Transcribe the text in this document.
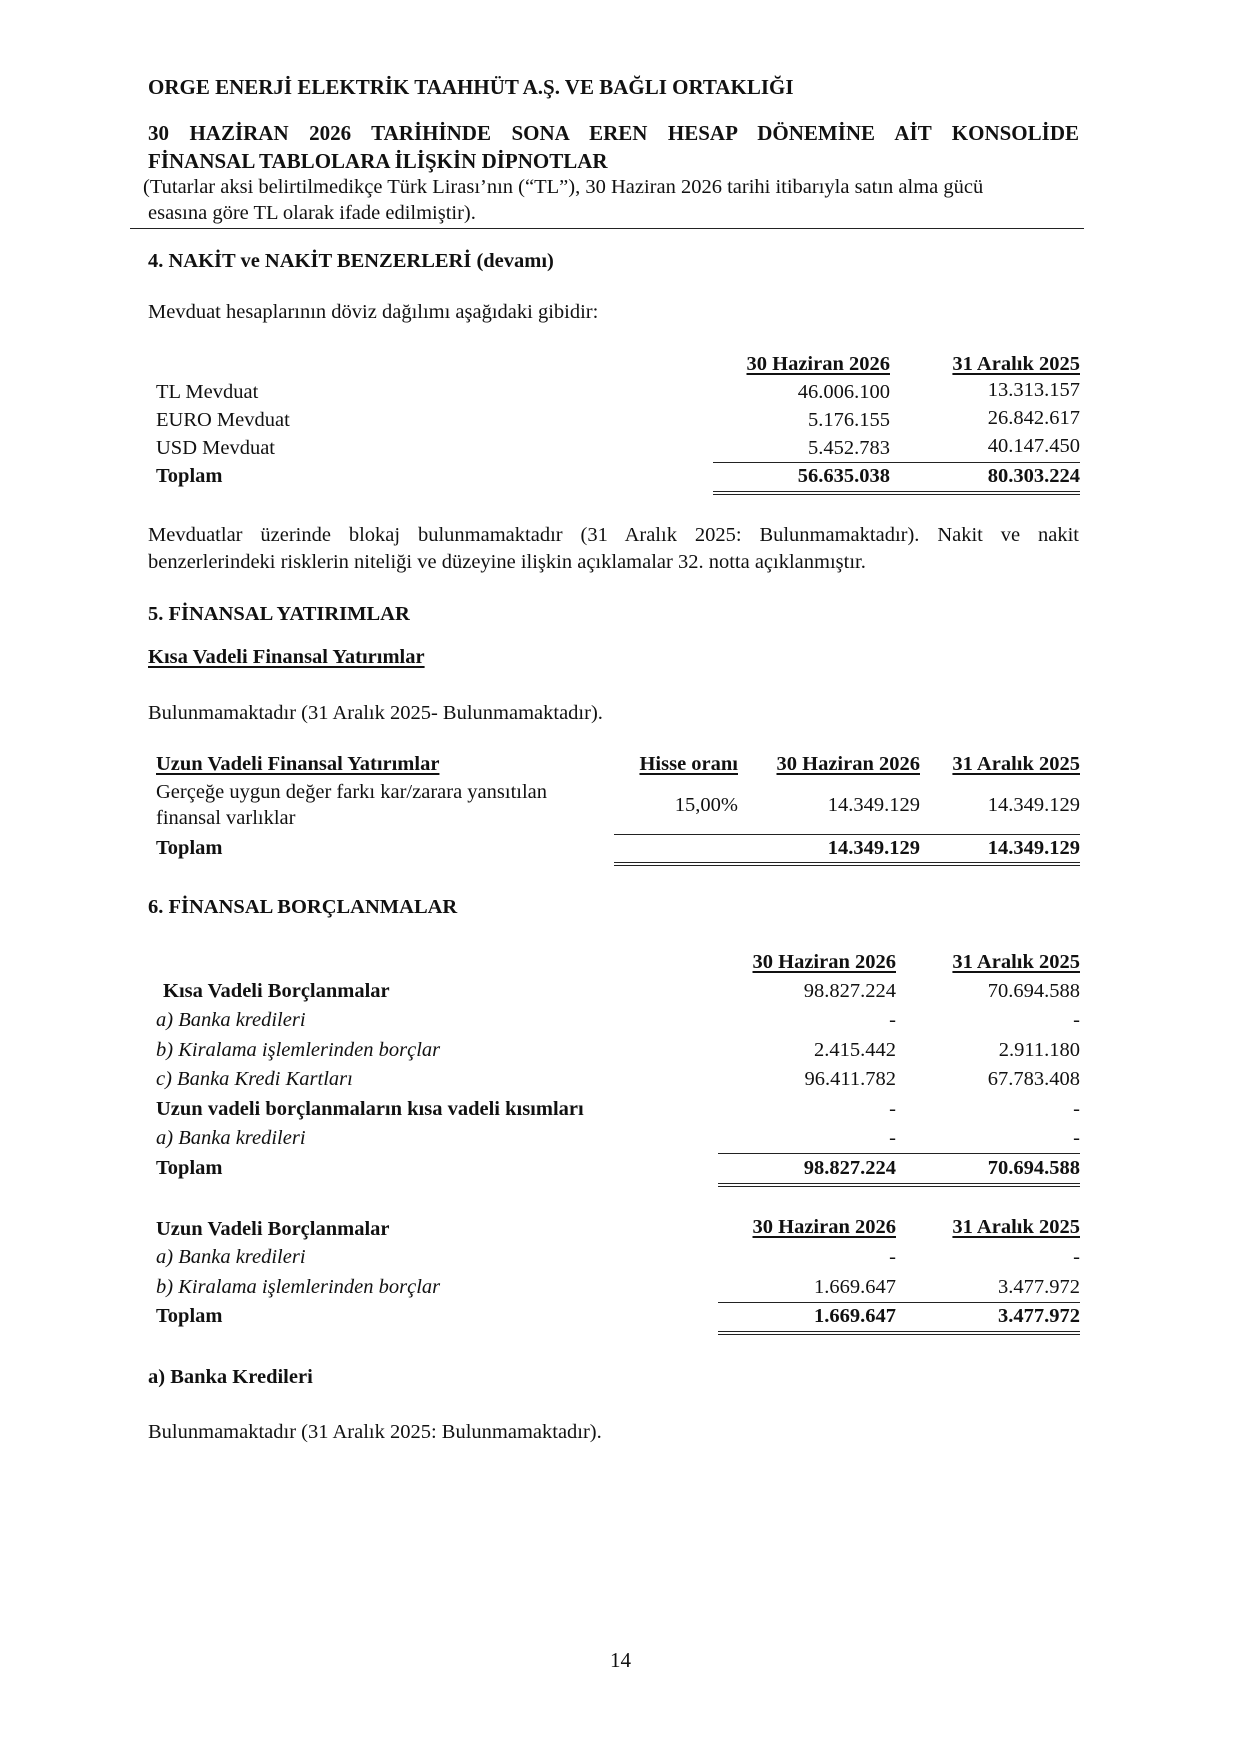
ORGE ENERJİ ELEKTRİK TAAHHÜT A.Ş. VE BAĞLI ORTAKLIĞI
30 HAZİRAN 2026 TARİHİNDE SONA EREN HESAP DÖNEMİNE AİT KONSOLİDE
FİNANSAL TABLOLARA İLİŞKİN DİPNOTLAR
(Tutarlar aksi belirtilmedikçe Türk Lirası’nın (“TL”), 30 Haziran 2026 tarihi itibarıyla satın alma gücü
esasına göre TL olarak ifade edilmiştir).
4. NAKİT ve NAKİT BENZERLERİ (devamı)
Mevduat hesaplarının döviz dağılımı aşağıdaki gibidir:
30 Haziran 2026	31 Aralık 2025
TL Mevduat	46.006.100	13.313.157
EURO Mevduat	5.176.155	26.842.617
USD Mevduat	5.452.783	40.147.450
Toplam	56.635.038	80.303.224
Mevduatlar üzerinde blokaj bulunmamaktadır (31 Aralık 2025: Bulunmamaktadır). Nakit ve nakit
benzerlerindeki risklerin niteliği ve düzeyine ilişkin açıklamalar 32. notta açıklanmıştır.
5. FİNANSAL YATIRIMLAR
Kısa Vadeli Finansal Yatırımlar
Bulunmamaktadır (31 Aralık 2025- Bulunmamaktadır).
Uzun Vadeli Finansal Yatırımlar	Hisse oranı	30 Haziran 2026	31 Aralık 2025
Gerçeğe uygun değer farkı kar/zarara yansıtılan
finansal varlıklar
15,00%	14.349.129	14.349.129
Toplam	14.349.129	14.349.129
6. FİNANSAL BORÇLANMALAR
30 Haziran 2026	31 Aralık 2025
Kısa Vadeli Borçlanmalar	98.827.224	70.694.588
a) Banka kredileri	-	-
b) Kiralama işlemlerinden borçlar	2.415.442	2.911.180
c) Banka Kredi Kartları	96.411.782	67.783.408
Uzun vadeli borçlanmaların kısa vadeli kısımları	-	-
a) Banka kredileri	-	-
Toplam	98.827.224	70.694.588
Uzun Vadeli Borçlanmalar	30 Haziran 2026	31 Aralık 2025
a) Banka kredileri	-	-
b) Kiralama işlemlerinden borçlar	1.669.647	3.477.972
Toplam	1.669.647	3.477.972
a) Banka Kredileri
Bulunmamaktadır (31 Aralık 2025: Bulunmamaktadır).
14
